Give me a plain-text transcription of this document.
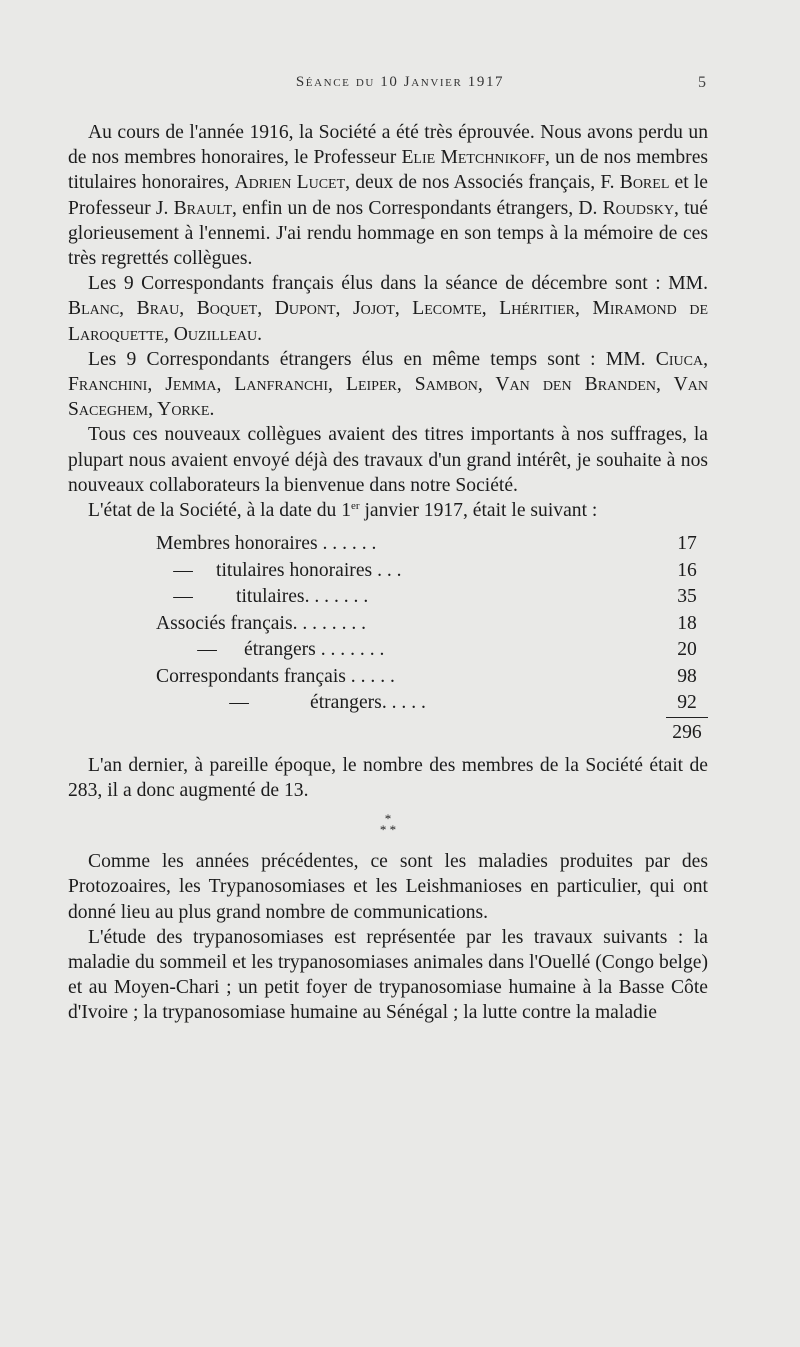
Séance du 10 Janvier 1917	5

Au cours de l'année 1916, la Société a été très éprouvée. Nous avons perdu un de nos membres honoraires, le Professeur Elie Metchnikoff, un de nos membres titulaires honoraires, Adrien Lucet, deux de nos Associés français, F. Borel et le Professeur J. Brault, enfin un de nos Correspondants étrangers, D. Roudsky, tué glorieusement à l'ennemi. J'ai rendu hommage en son temps à la mémoire de ces très regrettés collègues.

Les 9 Correspondants français élus dans la séance de décembre sont : MM. Blanc, Brau, Boquet, Dupont, Jojot, Lecomte, Lhéritier, Miramond de Laroquette, Ouzilleau.

Les 9 Correspondants étrangers élus en même temps sont : MM. Ciuca, Franchini, Jemma, Lanfranchi, Leiper, Sambon, Van den Branden, Van Saceghem, Yorke.

Tous ces nouveaux collègues avaient des titres importants à nos suffrages, la plupart nous avaient envoyé déjà des travaux d'un grand intérêt, je souhaite à nos nouveaux collaborateurs la bienvenue dans notre Société.

L'état de la Société, à la date du 1er janvier 1917, était le suivant :

Membres honoraires . . . . . .	17
— titulaires honoraires . . .	16
— titulaires. . . . . . .	35
Associés français. . . . . . . .	18
— étrangers . . . . . . .	20
Correspondants français . . . . .	98
—	étrangers. . . . .	92
296

L'an dernier, à pareille époque, le nombre des membres de la Société était de 283, il a donc augmenté de 13.

*
* *

Comme les années précédentes, ce sont les maladies produites par des Protozoaires, les Trypanosomiases et les Leishmanioses en particulier, qui ont donné lieu au plus grand nombre de communications.

L'étude des trypanosomiases est représentée par les travaux suivants : la maladie du sommeil et les trypanosomiases animales dans l'Ouellé (Congo belge) et au Moyen-Chari ; un petit foyer de trypanosomiase humaine à la Basse Côte d'Ivoire ; la trypanosomiase humaine au Sénégal ; la lutte contre la maladie
